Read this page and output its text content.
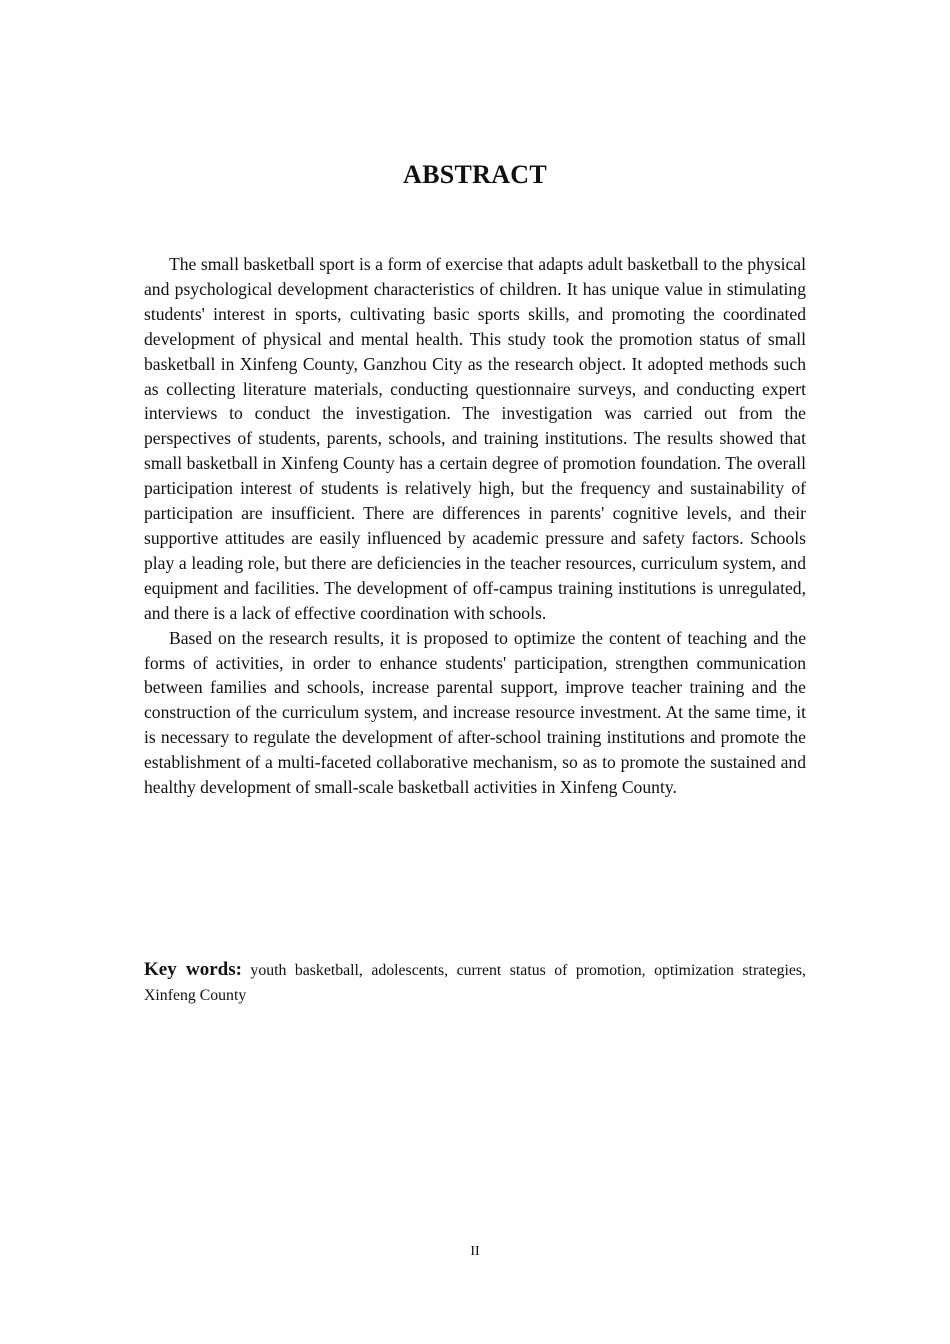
ABSTRACT

The small basketball sport is a form of exercise that adapts adult basketball to the physical and psychological development characteristics of children. It has unique value in stimulating students' interest in sports, cultivating basic sports skills, and promoting the coordinated development of physical and mental health. This study took the promotion status of small basketball in Xinfeng County, Ganzhou City as the research object. It adopted methods such as collecting literature materials, conducting questionnaire surveys, and conducting expert interviews to conduct the investigation. The investigation was carried out from the perspectives of students, parents, schools, and training institutions. The results showed that small basketball in Xinfeng County has a certain degree of promotion foundation. The overall participation interest of students is relatively high, but the frequency and sustainability of participation are insufficient. There are differences in parents' cognitive levels, and their supportive attitudes are easily influenced by academic pressure and safety factors. Schools play a leading role, but there are deficiencies in the teacher resources, curriculum system, and equipment and facilities. The development of off-campus training institutions is unregulated, and there is a lack of effective coordination with schools.

Based on the research results, it is proposed to optimize the content of teaching and the forms of activities, in order to enhance students' participation, strengthen communication between families and schools, increase parental support, improve teacher training and the construction of the curriculum system, and increase resource investment. At the same time, it is necessary to regulate the development of after-school training institutions and promote the establishment of a multi-faceted collaborative mechanism, so as to promote the sustained and healthy development of small-scale basketball activities in Xinfeng County.

Key words: youth basketball, adolescents, current status of promotion, optimization strategies, Xinfeng County

II
